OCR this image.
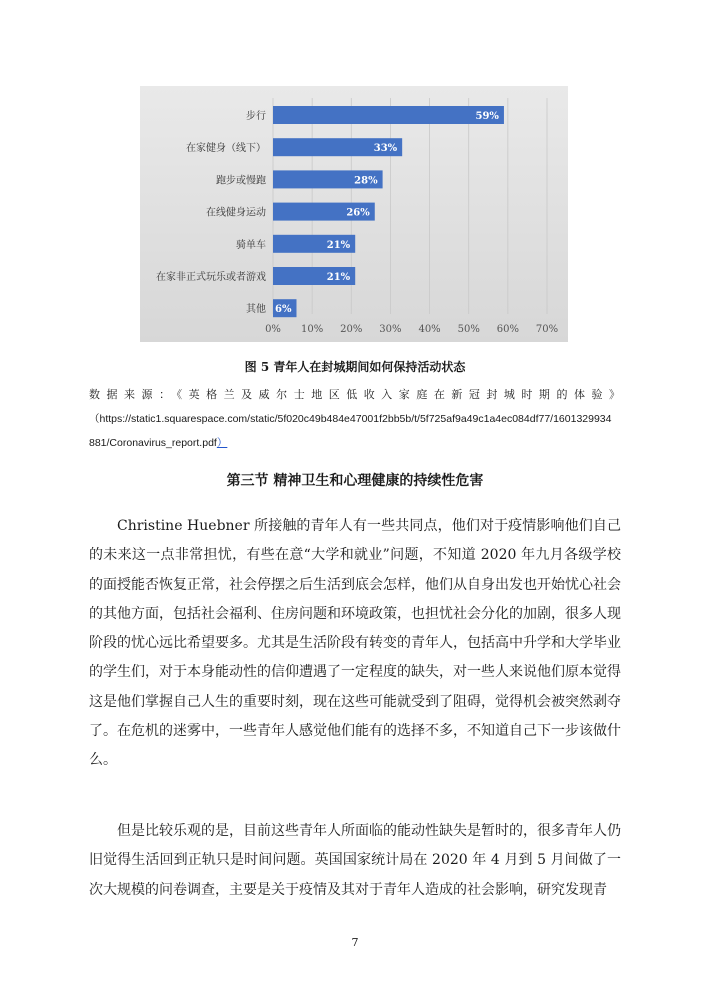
0% 10% 20% 30% 40% 50% 60% 70%
步行	59%
在家健身（线下）	33%
跑步或慢跑	28%
在线健身运动	26%
骑单车	21%
在家非正式玩乐或者游戏	21%
其他 6%
图 5 青年人在封城期间如何保持活动状态
数据来源：《英格兰及威尔士地区低收入家庭在新冠封城时期的体验》
（https://static1.squarespace.com/static/5f020c49b484e47001f2bb5b/t/5f725af9a49c1a4ec084df77/1601329934
881/Coronavirus_report.pdf）
第三节 精神卫生和心理健康的持续性危害

Christine Huebner 所接触的青年人有一些共同点，他们对于疫情影响他们自己的未来这一点非常担忧，有些在意“大学和就业”问题，不知道 2020 年九月各级学校的面授能否恢复正常，社会停摆之后生活到底会怎样，他们从自身出发也开始忧心社会的其他方面，包括社会福利、住房问题和环境政策，也担忧社会分化的加剧，很多人现阶段的忧心远比希望要多。尤其是生活阶段有转变的青年人，包括高中升学和大学毕业的学生们，对于本身能动性的信仰遭遇了一定程度的缺失，对一些人来说他们原本觉得这是他们掌握自己人生的重要时刻，现在这些可能就受到了阻碍，觉得机会被突然剥夺了。在危机的迷雾中，一些青年人感觉他们能有的选择不多，不知道自己下一步该做什么。

但是比较乐观的是，目前这些青年人所面临的能动性缺失是暂时的，很多青年人仍旧觉得生活回到正轨只是时间问题。英国国家统计局在 2020 年 4 月到 5 月间做了一次大规模的问卷调查，主要是关于疫情及其对于青年人造成的社会影响，研究发现青

7
